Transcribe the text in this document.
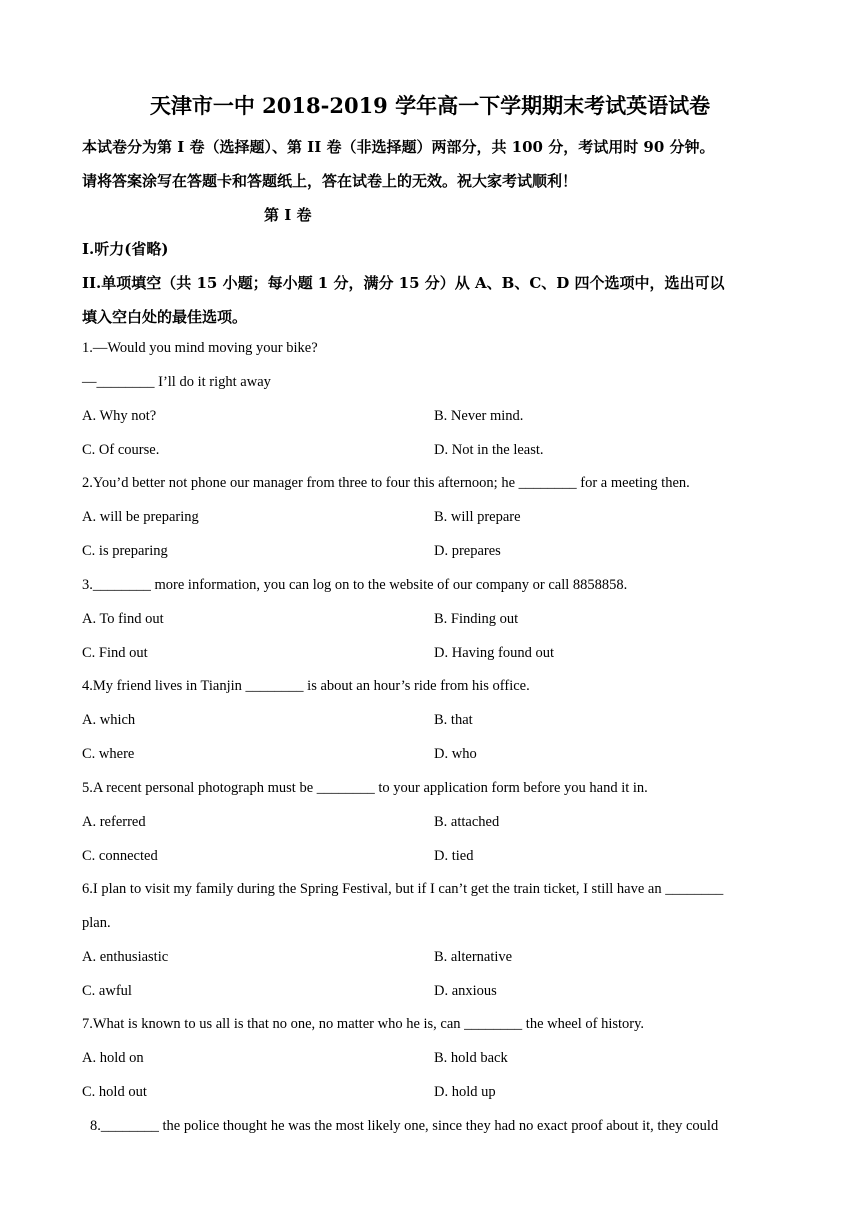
天津市一中 2018-2019 学年高一下学期期末考试英语试卷
本试卷分为第 I 卷（选择题）、第 II 卷（非选择题）两部分，共 100 分，考试用时 90 分钟。
请将答案涂写在答题卡和答题纸上，答在试卷上的无效。祝大家考试顺利！
第 I 卷
I.听力(省略)
II.单项填空（共 15 小题；每小题 1 分，满分 15 分）从 A、B、C、D 四个选项中，选出可以
填入空白处的最佳选项。
1.—Would you mind moving your bike?
—________ I’ll do it right away
A. Why not?	B. Never mind.
C. Of course.	D. Not in the least.
2.You’d better not phone our manager from three to four this afternoon; he ________ for a meeting then.
A. will be preparing	B. will prepare
C. is preparing	D. prepares
3.________ more information, you can log on to the website of our company or call 8858858.
A. To find out	B. Finding out
C. Find out	D. Having found out
4.My friend lives in Tianjin ________ is about an hour’s ride from his office.
A. which	B. that
C. where	D. who
5.A recent personal photograph must be ________ to your application form before you hand it in.
A. referred	B. attached
C. connected	D. tied
6.I plan to visit my family during the Spring Festival, but if I can’t get the train ticket, I still have an ________
plan.
A. enthusiastic	B. alternative
C. awful	D. anxious
7.What is known to us all is that no one, no matter who he is, can ________ the wheel of history.
A. hold on	B. hold back
C. hold out	D. hold up
8.________ the police thought he was the most likely one, since they had no exact proof about it, they could
